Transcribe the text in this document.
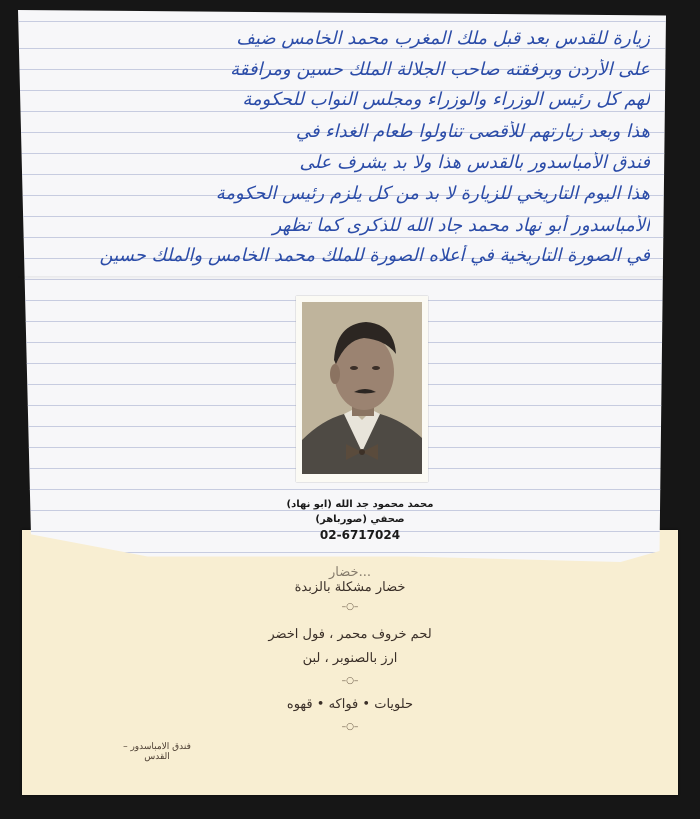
...خضار
خضار مشكلة بالزبدة
–○–
لحم خروف محمر ، فول اخضر
ارز بالصنوبر ، لبن
–○–
حلويات • فواكه • قهوه
–○–
فندق الامباسدور – القدس
زيارة للقدس بعد قبل ملك المغرب محمد الخامس ضيف
على الأردن وبرفقته صاحب الجلالة الملك حسين ومرافقة
لهم كل رئيس الوزراء والوزراء ومجلس النواب للحكومة
هذا وبعد زيارتهم للأقصى تناولوا طعام الغداء في
فندق الأمباسدور بالقدس هذا ولا بد يشرف على
هذا اليوم التاريخي للزيارة لا بد من كل يلزم رئيس الحكومة
الأمباسدور أبو نهاد محمد جاد الله للذكرى كما تظهر
في الصورة التاريخية في أعلاه الصورة للملك محمد الخامس والملك حسين
محمد محمود جد الله (ابو نهاد)
صحفي (صورباهر)
02-6717024
